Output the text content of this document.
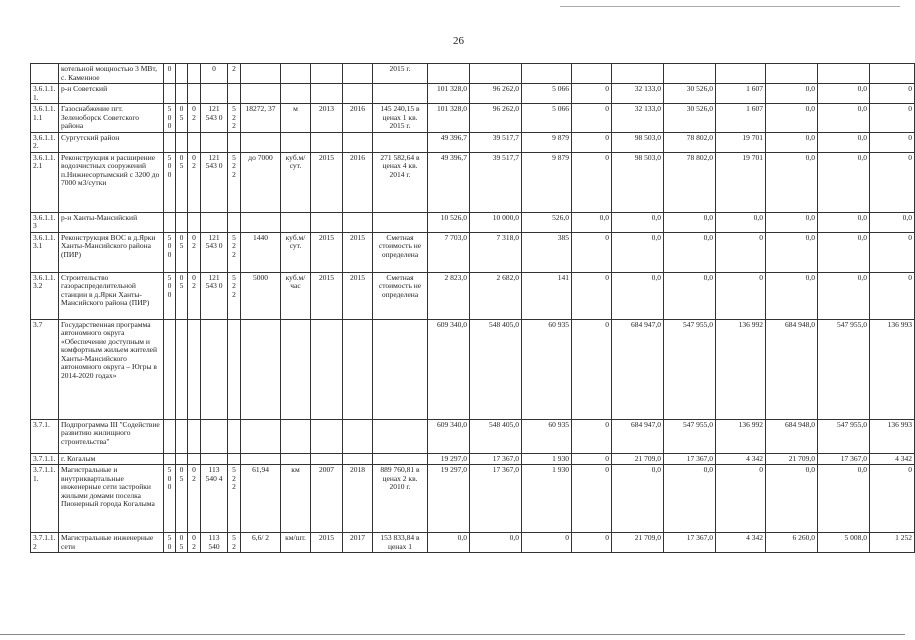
26
	котельной мощностью 3 МВт, с. Каменное	0			0	2					2015 г.										
3.6.1.1.1.	р-н Советский											101 328,0	96 262,0	5 066	0	32 133,0	30 526,0	1 607	0,0	0,0	0
3.6.1.1.1.1	Газоснабжение пгт. Зеленоборск Советского района	5 0 0	0 5	0 2	121 543 0	5 2 2	18272, 37	м	2013	2016	145 240,15 в ценах 1 кв. 2015 г.	101 328,0	96 262,0	5 066	0	32 133,0	30 526,0	1 607	0,0	0,0	0
3.6.1.1.2.	Сургутский район											49 396,7	39 517,7	9 879	0	98 503,0	78 802,0	19 701	0,0	0,0	0
3.6.1.1.2.1	Реконструкция и расширение водозчистных сооружений п.Нижнесортымский с 3200 до 7000 м3/сутки	5 0 0	0 5	0 2	121 543 0	5 2 2	до 7000	куб.м/сут.	2015	2016	271 582,64 в ценах 4 кв. 2014 г.	49 396,7	39 517,7	9 879	0	98 503,0	78 802,0	19 701	0,0	0,0	0
3.6.1.1.3	р-н Ханты-Мансийский											10 526,0	10 000,0	526,0	0,0	0,0	0,0	0,0	0,0	0,0	0,0
3.6.1.1.3.1	Реконструкция ВОС в д.Ярки Ханты-Мансийского района (ПИР)	5 0 0	0 5	0 2	121 543 0	5 2 2	1440	куб.м/сут.	2015	2015	Сметная стоимость не определена	7 703,0	7 318,0	385	0	0,0	0,0	0	0,0	0,0	0
3.6.1.1.3.2	Строительство газораспределительной станции в д.Ярки Ханты-Мансийского района (ПИР)	5 0 0	0 5	0 2	121 543 0	5 2 2	5000	куб.м/час	2015	2015	Сметная стоимость не определена	2 823,0	2 682,0	141	0	0,0	0,0	0	0,0	0,0	0
3.7	Государственная программа автономного округа «Обеспечение доступным и комфортным жильем жителей Ханты-Мансийского автономного округа – Югры в 2014-2020 годах»											609 340,0	548 405,0	60 935	0	684 947,0	547 955,0	136 992	684 948,0	547 955,0	136 993
3.7.1.	Подпрограмма III "Содействие развитию жилищного строительства"											609 340,0	548 405,0	60 935	0	684 947,0	547 955,0	136 992	684 948,0	547 955,0	136 993
3.7.1.1.	г. Когалым											19 297,0	17 367,0	1 930	0	21 709,0	17 367,0	4 342	21 709,0	17 367,0	4 342
3.7.1.1.1.	Магистральные и внутриквартальные инженерные сети застройки жилыми домами поселка Пионерный города Когалыма	5 0 0	0 5	0 2	113 540 4	5 2 2	61,94	км	2007	2018	889 760,81 в ценах 2 кв. 2010 г.	19 297,0	17 367,0	1 930	0	0,0	0,0	0	0,0	0,0	0
3.7.1.1.2	Магистральные инженерные сети	5 0	0 5	0 2	113 540	5 2	6,6/ 2	км/шт.	2015	2017	153 833,84 в ценах 1	0,0	0,0	0	0	21 709,0	17 367,0	4 342	6 260,0	5 008,0	1 252
